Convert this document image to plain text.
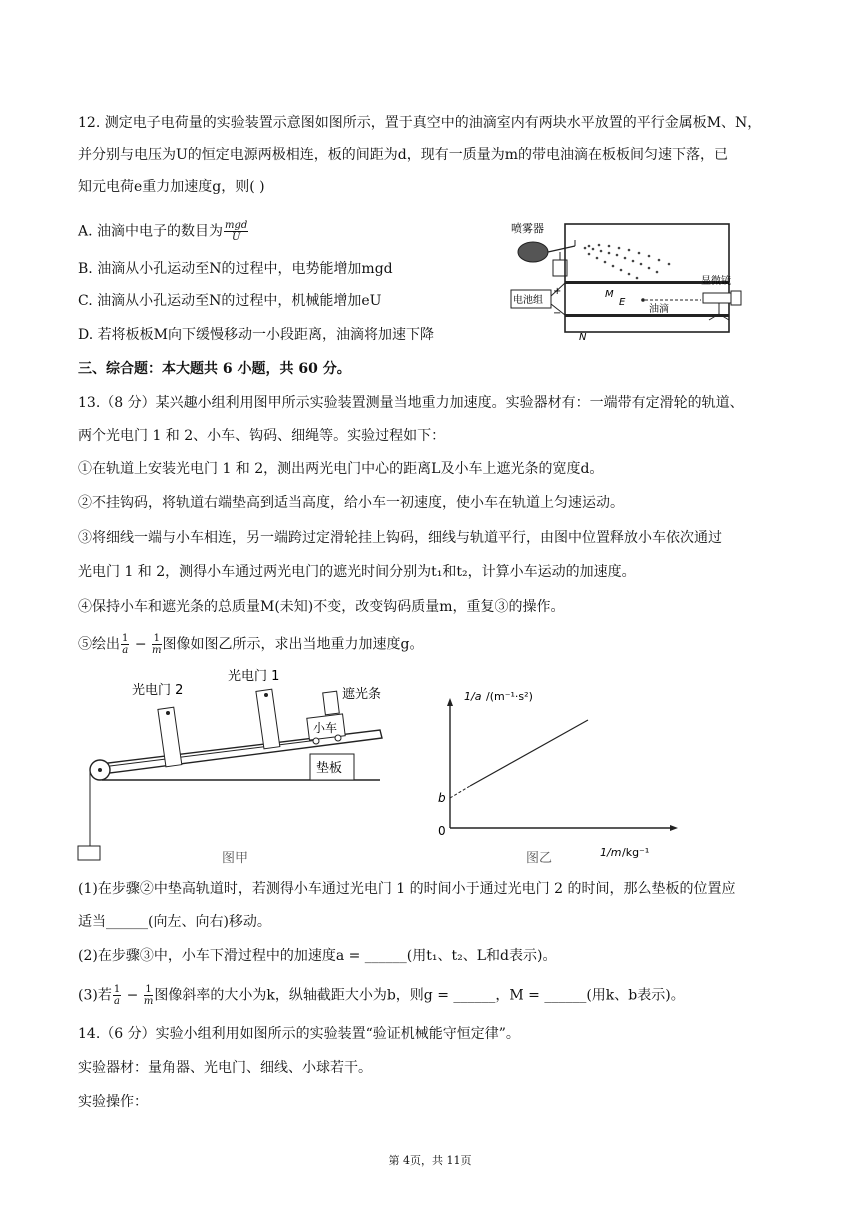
12. 测定电子电荷量的实验装置示意图如图所示，置于真空中的油滴室内有两块水平放置的平行金属板M、N，
并分别与电压为U的恒定电源两极相连，板的间距为d，现有一质量为m的带电油滴在板板间匀速下落，已
知元电荷e重力加速度g，则( )
A. 油滴中电子的数目为 $\frac{\text{mgd}}{U}$
B. 油滴从小孔运动至N的过程中，电势能增加mgd
C. 油滴从小孔运动至N的过程中，机械能增加eU
D. 若将板板M向下缓慢移动一小段距离，油滴将加速下降
喷雾器
M
N
电池组
+
−
E
油滴
显微镜
三、综合题：本大题共 6 小题，共 60 分。
13.（8 分）某兴趣小组利用图甲所示实验装置测量当地重力加速度。实验器材有：一端带有定滑轮的轨道、
两个光电门 1 和 2、小车、钩码、细绳等。实验过程如下：
①在轨道上安装光电门 1 和 2，测出两光电门中心的距离L及小车上遮光条的宽度d。
②不挂钩码，将轨道右端垫高到适当高度，给小车一初速度，使小车在轨道上匀速运动。
③将细线一端与小车相连，另一端跨过定滑轮挂上钩码，细线与轨道平行，由图中位置释放小车依次通过
光电门 1 和 2，测得小车通过两光电门的遮光时间分别为t₁和t₂，计算小车运动的加速度。
④保持小车和遮光条的总质量M(未知)不变，改变钩码质量m，重复③的操作。
⑤绘出 $\frac{1}{a} - \frac{1}{m}$ 图像如图乙所示，求出当地重力加速度g。
光电门 2
光电门 1
小车
遮光条
垫板
图甲
b
0
1/a /(m⁻¹·s²)
1/m /kg⁻¹
图乙
(1)在步骤②中垫高轨道时，若测得小车通过光电门 1 的时间小于通过光电门 2 的时间，那么垫板的位置应
适当______(向左、向右)移动。
(2)在步骤③中，小车下滑过程中的加速度a = ______(用t₁、t₂、L和d表示)。
(3)若 $\frac{1}{a} - \frac{1}{m}$ 图像斜率的大小为k，纵轴截距大小为b，则g = ______，M = ______(用k、b表示)。
14.（6 分）实验小组利用如图所示的实验装置“验证机械能守恒定律”。
实验器材：量角器、光电门、细线、小球若干。
实验操作：
第 4页，共 11页
